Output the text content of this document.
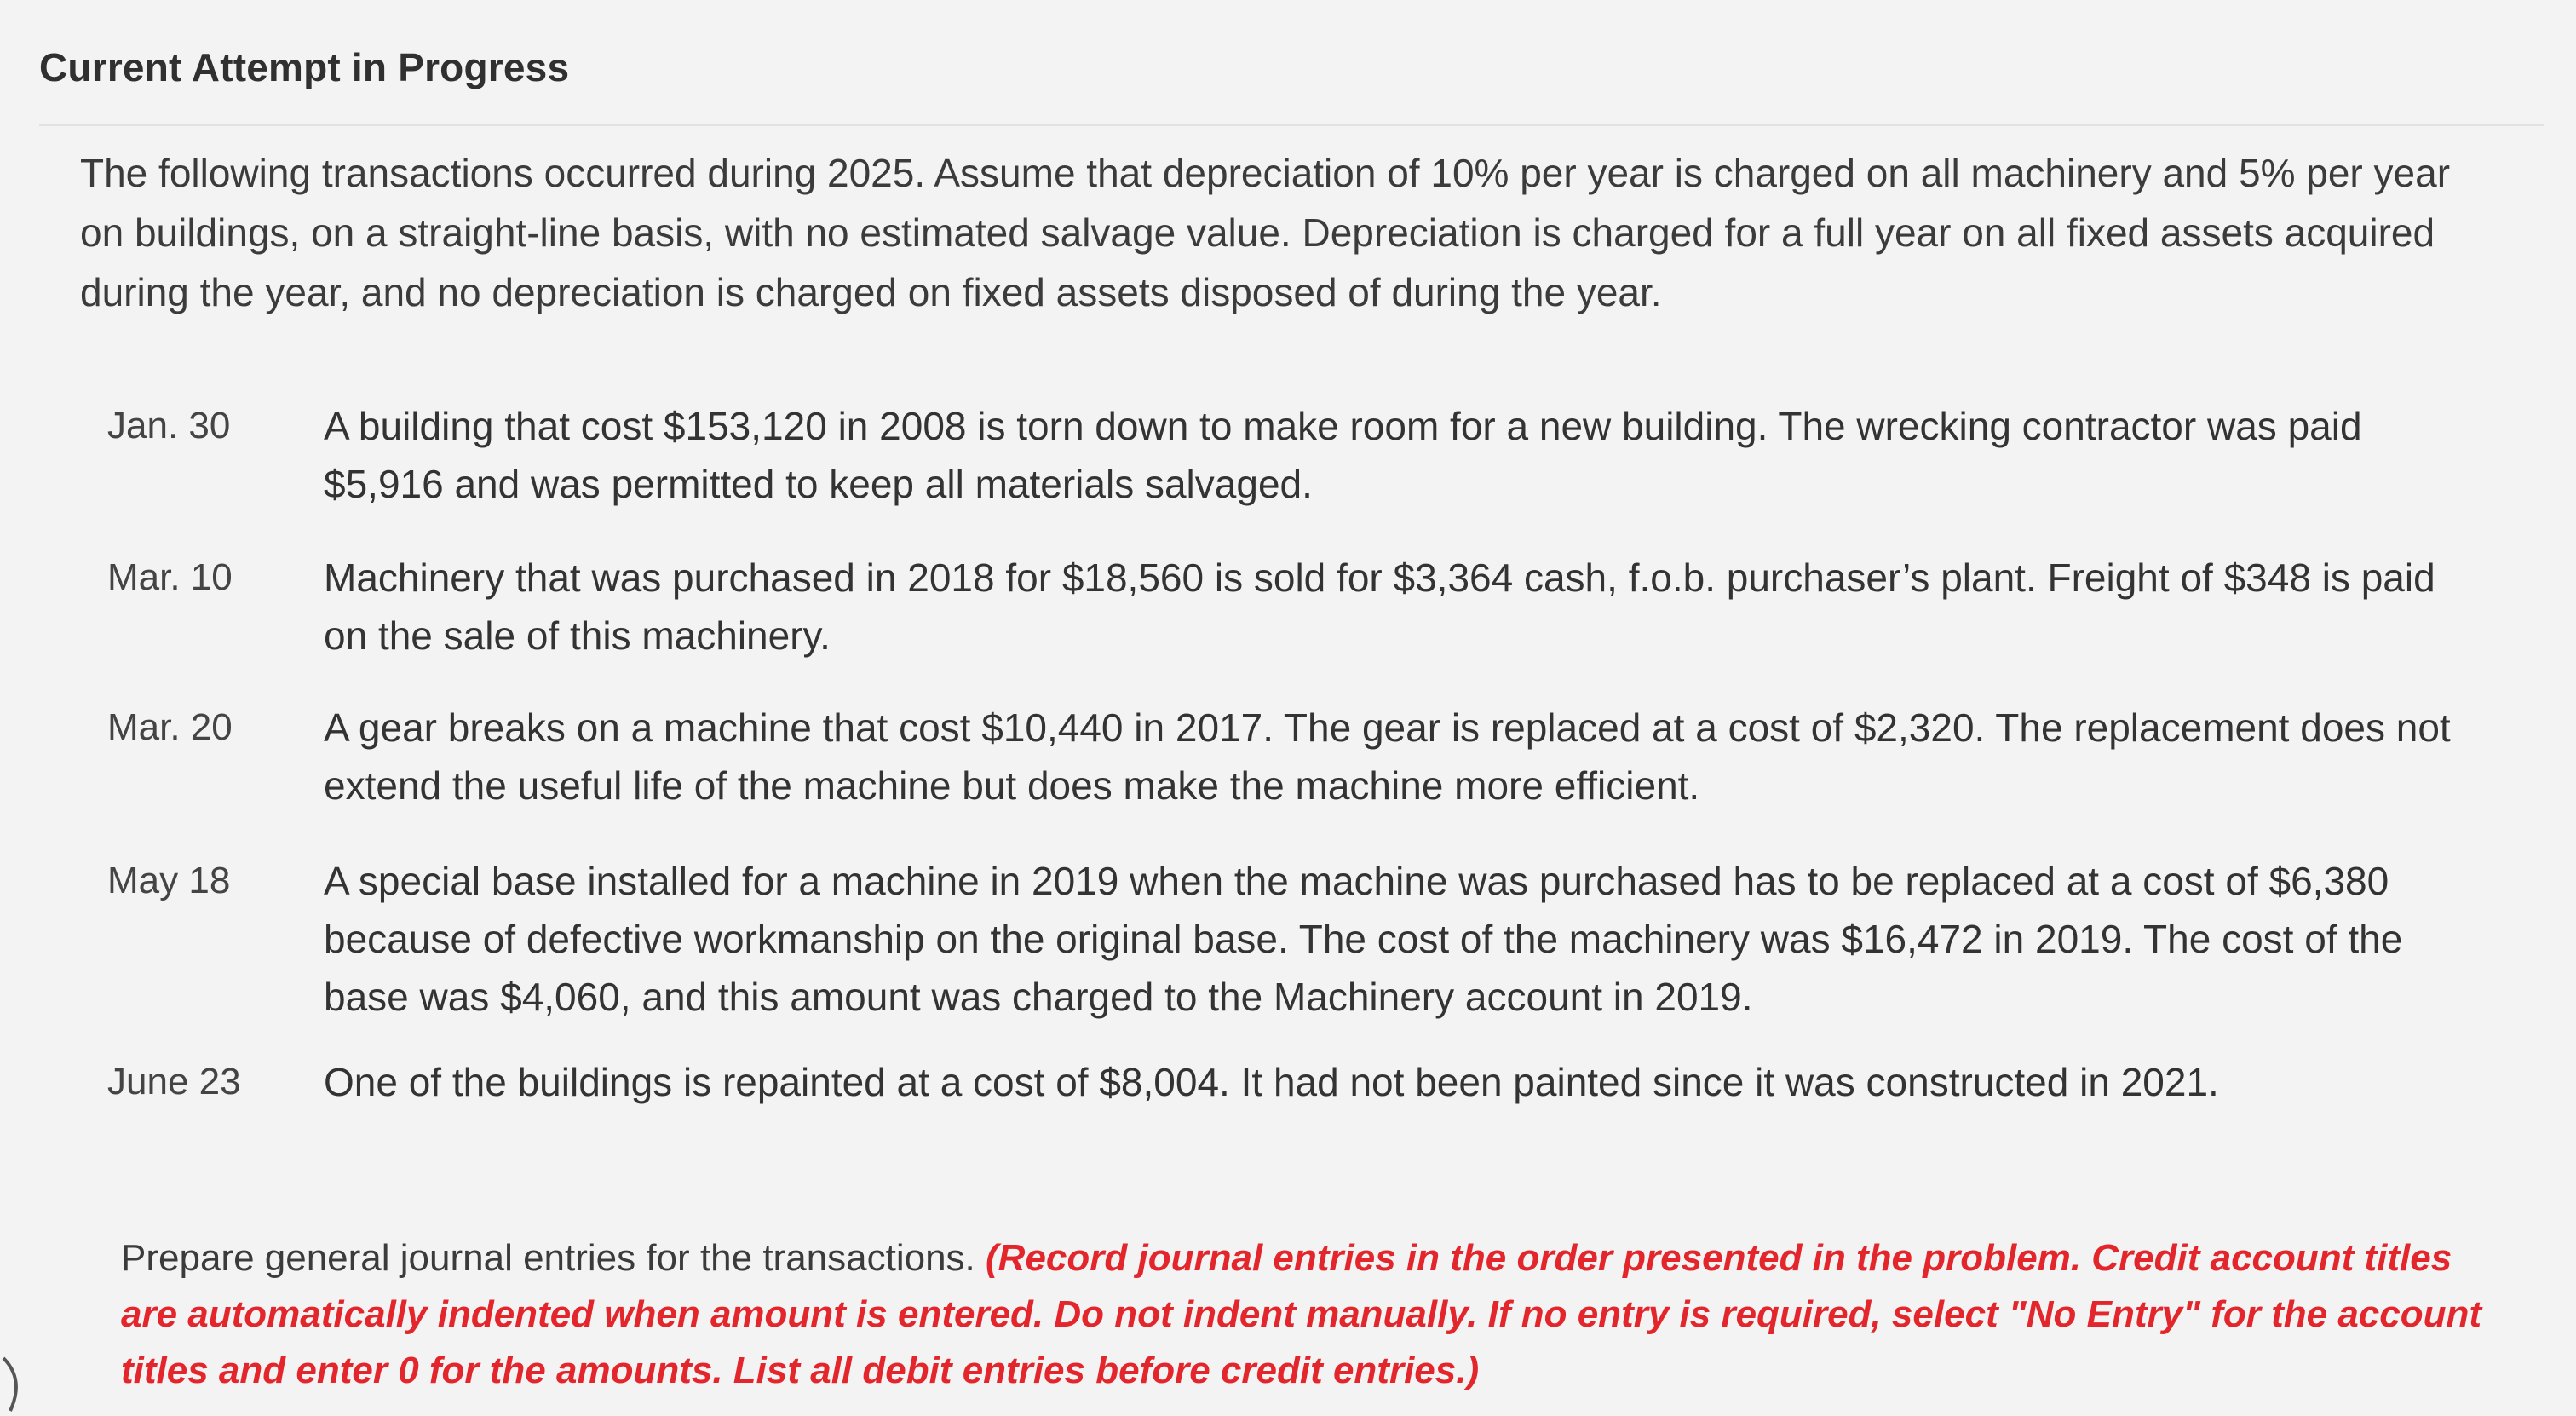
Current Attempt in Progress
The following transactions occurred during 2025. Assume that depreciation of 10% per year is charged on all machinery and 5% per year on buildings, on a straight-line basis, with no estimated salvage value. Depreciation is charged for a full year on all fixed assets acquired during the year, and no depreciation is charged on fixed assets disposed of during the year.
Jan. 30	A building that cost $153,120 in 2008 is torn down to make room for a new building. The wrecking contractor was paid $5,916 and was permitted to keep all materials salvaged.
Mar. 10	Machinery that was purchased in 2018 for $18,560 is sold for $3,364 cash, f.o.b. purchaser’s plant. Freight of $348 is paid on the sale of this machinery.
Mar. 20	A gear breaks on a machine that cost $10,440 in 2017. The gear is replaced at a cost of $2,320. The replacement does not extend the useful life of the machine but does make the machine more efficient.
May 18	A special base installed for a machine in 2019 when the machine was purchased has to be replaced at a cost of $6,380 because of defective workmanship on the original base. The cost of the machinery was $16,472 in 2019. The cost of the base was $4,060, and this amount was charged to the Machinery account in 2019.
June 23	One of the buildings is repainted at a cost of $8,004. It had not been painted since it was constructed in 2021.
Prepare general journal entries for the transactions. (Record journal entries in the order presented in the problem. Credit account titles are automatically indented when amount is entered. Do not indent manually. If no entry is required, select "No Entry" for the account titles and enter 0 for the amounts. List all debit entries before credit entries.)
